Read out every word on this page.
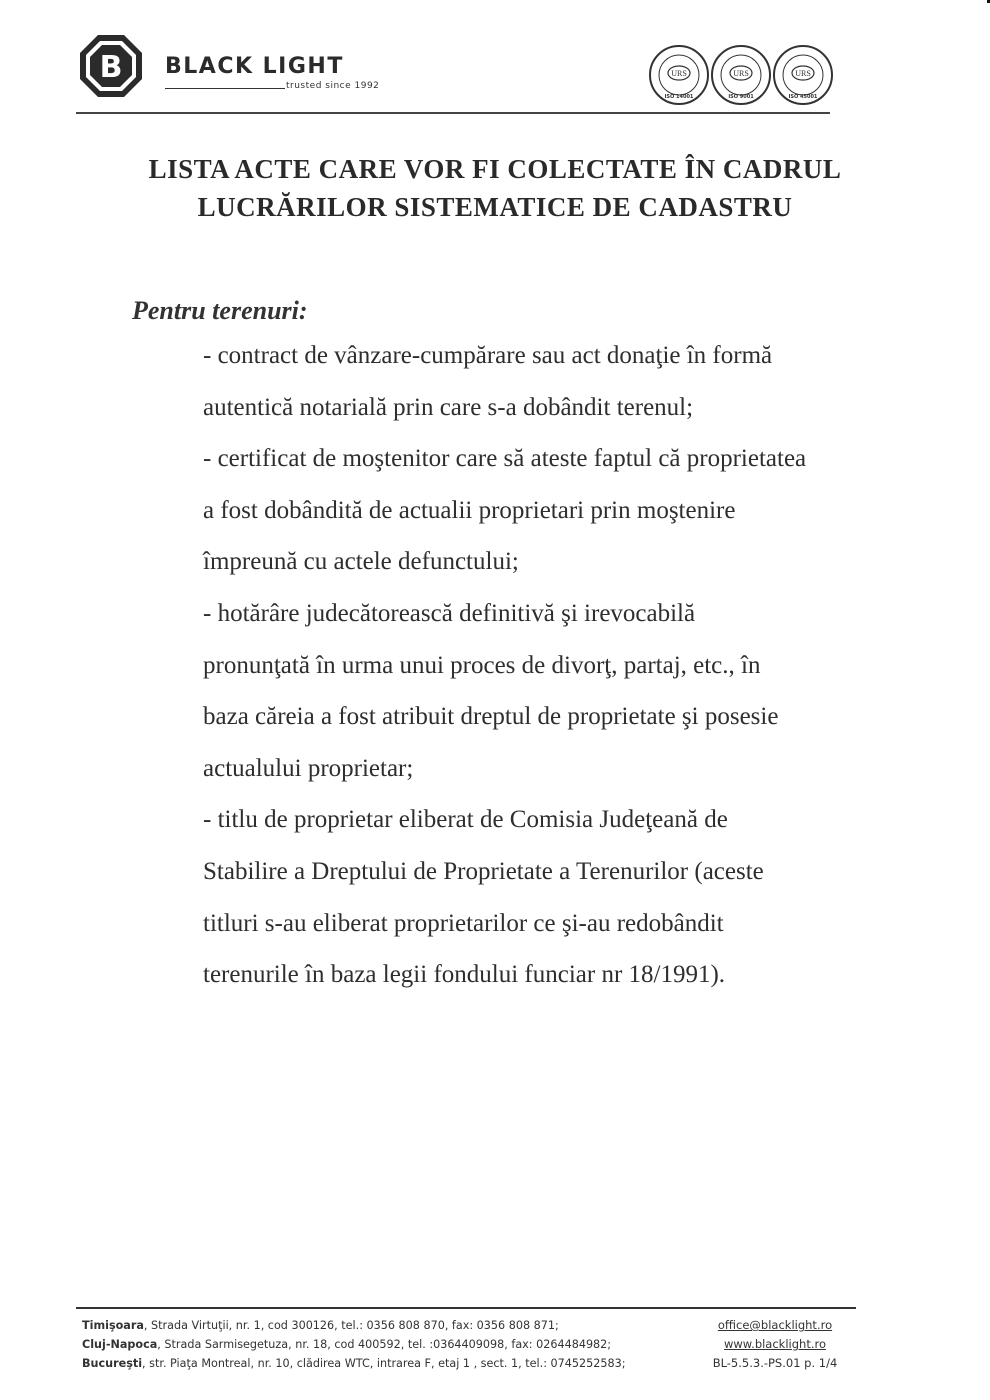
B BLACK LIGHT
trusted since 1992
URS
ISO 14001
URS
ISO 9001
URS
ISO 45001
LISTA ACTE CARE VOR FI COLECTATE ÎN CADRUL
LUCRĂRILOR SISTEMATICE DE CADASTRU
Pentru terenuri:
- contract de vânzare-cumpărare sau act donaţie în formă
autentică notarială prin care s-a dobândit terenul;
- certificat de moştenitor care să ateste faptul că proprietatea
a fost dobândită de actualii proprietari prin moştenire
împreună cu actele defunctului;
- hotărâre judecătorească definitivă şi irevocabilă
pronunţată în urma unui proces de divorţ, partaj, etc., în
baza căreia a fost atribuit dreptul de proprietate şi posesie
actualului proprietar;
- titlu de proprietar eliberat de Comisia Judeţeană de
Stabilire a Dreptului de Proprietate a Terenurilor (aceste
titluri s-au eliberat proprietarilor ce şi-au redobândit
terenurile în baza legii fondului funciar nr 18/1991).
Timişoara, Strada Virtuţii, nr. 1, cod 300126, tel.: 0356 808 870, fax: 0356 808 871;
Cluj-Napoca, Strada Sarmisegetuza, nr. 18, cod 400592, tel. :0364409098, fax: 0264484982;
Bucureşti, str. Piaţa Montreal, nr. 10, clădirea WTC, intrarea F, etaj 1 , sect. 1, tel.: 0745252583;
office@blacklight.ro
www.blacklight.ro
BL-5.5.3.-PS.01 p. 1/4
